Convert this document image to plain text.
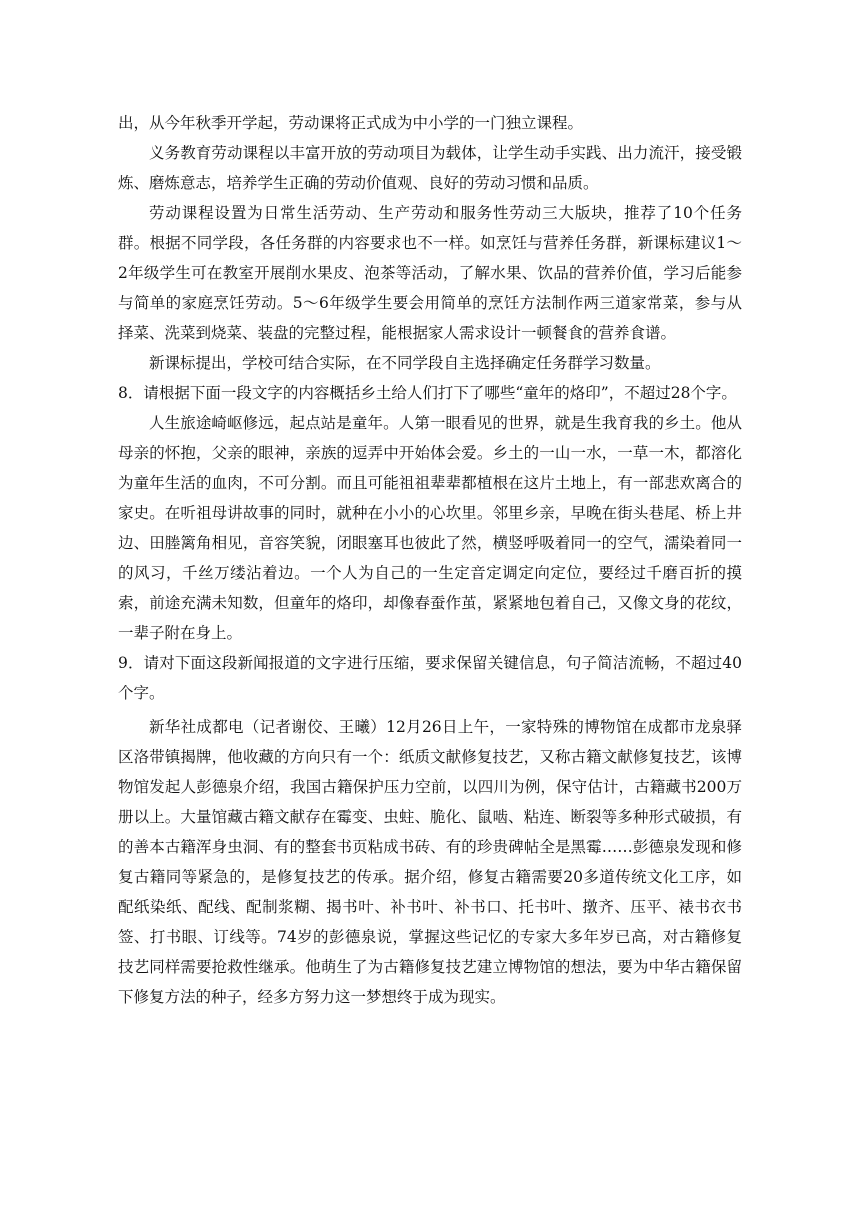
出，从今年秋季开学起，劳动课将正式成为中小学的一门独立课程。

义务教育劳动课程以丰富开放的劳动项目为载体，让学生动手实践、出力流汗，接受锻炼、磨炼意志，培养学生正确的劳动价值观、良好的劳动习惯和品质。

劳动课程设置为日常生活劳动、生产劳动和服务性劳动三大版块，推荐了10个任务群。根据不同学段，各任务群的内容要求也不一样。如烹饪与营养任务群，新课标建议1～2年级学生可在教室开展削水果皮、泡茶等活动，了解水果、饮品的营养价值，学习后能参与简单的家庭烹饪劳动。5～6年级学生要会用简单的烹饪方法制作两三道家常菜，参与从择菜、洗菜到烧菜、装盘的完整过程，能根据家人需求设计一顿餐食的营养食谱。

新课标提出，学校可结合实际，在不同学段自主选择确定任务群学习数量。

8．请根据下面一段文字的内容概括乡土给人们打下了哪些“童年的烙印”，不超过28个字。

人生旅途崎岖修远，起点站是童年。人第一眼看见的世界，就是生我育我的乡土。他从母亲的怀抱，父亲的眼神，亲族的逗弄中开始体会爱。乡土的一山一水，一草一木，都溶化为童年生活的血肉，不可分割。而且可能祖祖辈辈都植根在这片土地上，有一部悲欢离合的家史。在听祖母讲故事的同时，就种在小小的心坎里。邻里乡亲，早晚在街头巷尾、桥上井边、田塍篱角相见，音容笑貌，闭眼塞耳也彼此了然，横竖呼吸着同一的空气，濡染着同一的风习，千丝万缕沾着边。一个人为自己的一生定音定调定向定位，要经过千磨百折的摸索，前途充满未知数，但童年的烙印，却像春蚕作茧，紧紧地包着自己，又像文身的花纹，一辈子附在身上。

9．请对下面这段新闻报道的文字进行压缩，要求保留关键信息，句子简洁流畅，不超过40个字。

新华社成都电（记者谢佼、王曦）12月26日上午，一家特殊的博物馆在成都市龙泉驿区洛带镇揭牌，他收藏的方向只有一个：纸质文献修复技艺，又称古籍文献修复技艺，该博物馆发起人彭德泉介绍，我国古籍保护压力空前，以四川为例，保守估计，古籍藏书200万册以上。大量馆藏古籍文献存在霉变、虫蛀、脆化、鼠啮、粘连、断裂等多种形式破损，有的善本古籍浑身虫洞、有的整套书页粘成书砖、有的珍贵碑帖全是黑霉……彭德泉发现和修复古籍同等紧急的，是修复技艺的传承。据介绍，修复古籍需要20多道传统文化工序，如配纸染纸、配线、配制浆糊、揭书叶、补书叶、补书口、托书叶、撴齐、压平、裱书衣书签、打书眼、订线等。74岁的彭德泉说，掌握这些记忆的专家大多年岁已高，对古籍修复技艺同样需要抢救性继承。他萌生了为古籍修复技艺建立博物馆的想法，要为中华古籍保留下修复方法的种子，经多方努力这一梦想终于成为现实。
